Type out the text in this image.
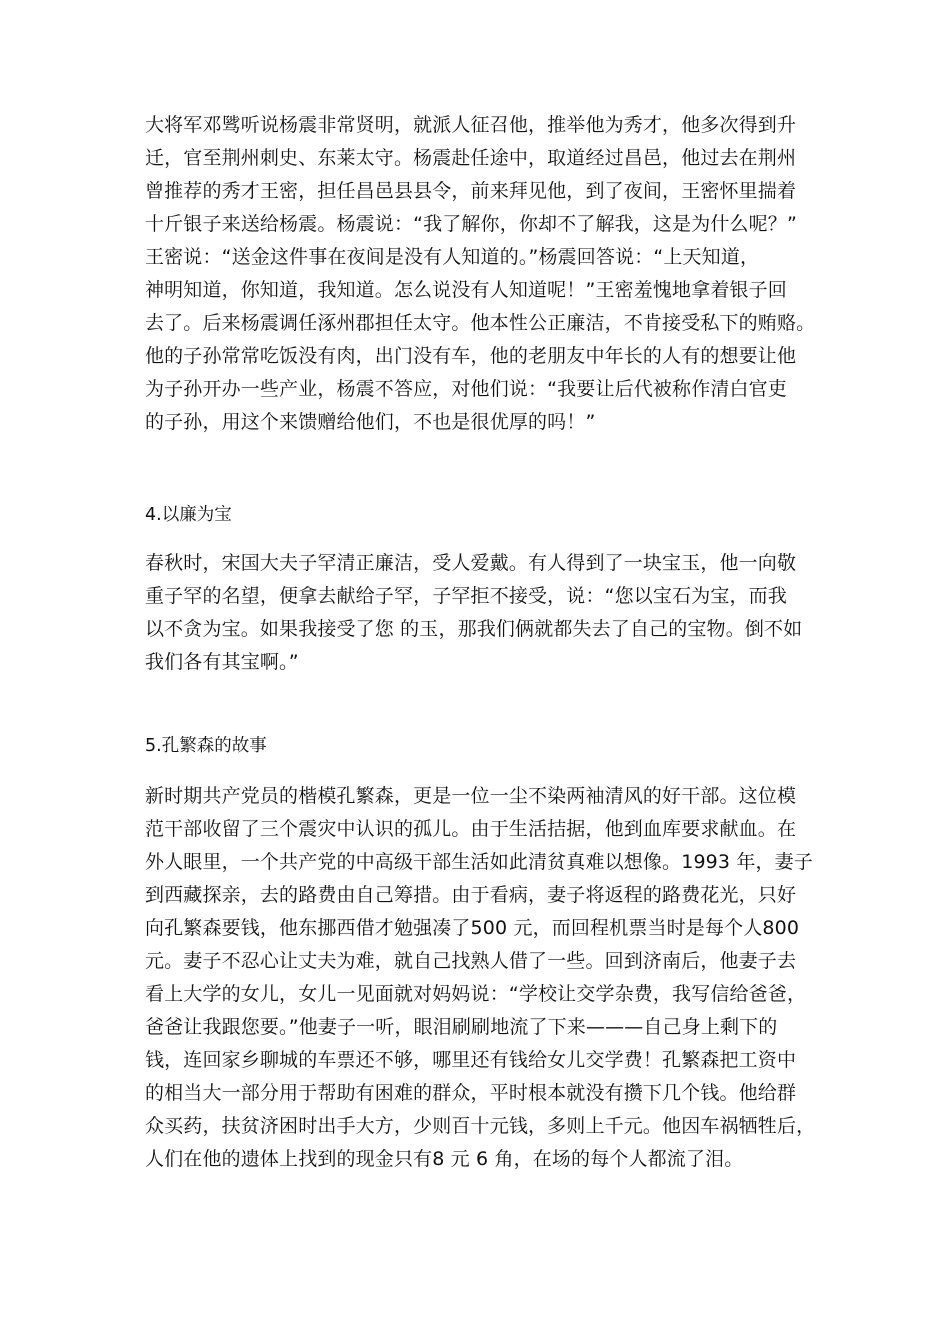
大将军邓骘听说杨震非常贤明，就派人征召他，推举他为秀才，他多次得到升
迁，官至荆州刺史、东莱太守。杨震赴任途中，取道经过昌邑，他过去在荆州
曾推荐的秀才王密，担任昌邑县县令，前来拜见他，到了夜间，王密怀里揣着
十斤银子来送给杨震。杨震说：“我了解你，你却不了解我，这是为什么呢？”
王密说：“送金这件事在夜间是没有人知道的。”杨震回答说：“上天知道，
神明知道，你知道，我知道。怎么说没有人知道呢！”王密羞愧地拿着银子回
去了。后来杨震调任涿州郡担任太守。他本性公正廉洁，不肯接受私下的贿赂。
他的子孙常常吃饭没有肉，出门没有车，他的老朋友中年长的人有的想要让他
为子孙开办一些产业，杨震不答应，对他们说：“我要让后代被称作清白官吏
的子孙，用这个来馈赠给他们，不也是很优厚的吗！”
4.以廉为宝
春秋时，宋国大夫子罕清正廉洁，受人爱戴。有人得到了一块宝玉，他一向敬
重子罕的名望，便拿去献给子罕，子罕拒不接受，说：“您以宝石为宝，而我
以不贪为宝。如果我接受了您 的玉，那我们俩就都失去了自己的宝物。倒不如
我们各有其宝啊。”
5.孔繁森的故事
新时期共产党员的楷模孔繁森，更是一位一尘不染两袖清风的好干部。这位模
范干部收留了三个震灾中认识的孤儿。由于生活拮据，他到血库要求献血。在
外人眼里，一个共产党的中高级干部生活如此清贫真难以想像。1993 年，妻子
到西藏探亲，去的路费由自己筹措。由于看病，妻子将返程的路费花光，只好
向孔繁森要钱，他东挪西借才勉强凑了500 元，而回程机票当时是每个人800
元。妻子不忍心让丈夫为难，就自己找熟人借了一些。回到济南后，他妻子去
看上大学的女儿，女儿一见面就对妈妈说：“学校让交学杂费，我写信给爸爸，
爸爸让我跟您要。”他妻子一听，眼泪刷刷地流了下来———自己身上剩下的
钱，连回家乡聊城的车票还不够，哪里还有钱给女儿交学费！孔繁森把工资中
的相当大一部分用于帮助有困难的群众，平时根本就没有攒下几个钱。他给群
众买药，扶贫济困时出手大方，少则百十元钱，多则上千元。他因车祸牺牲后，
人们在他的遗体上找到的现金只有8 元 6 角，在场的每个人都流了泪。
